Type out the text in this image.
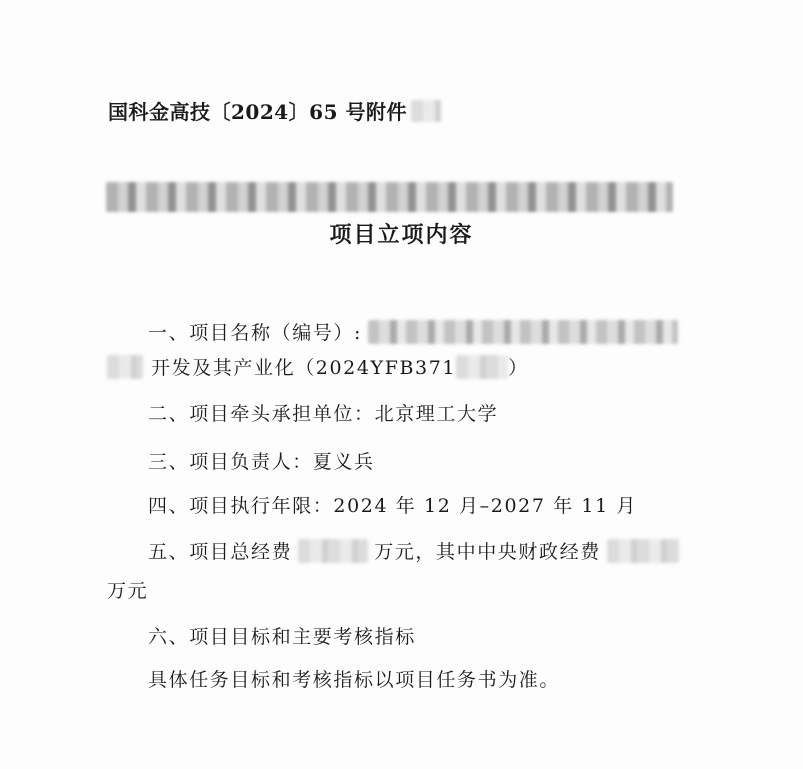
国科金高技〔2024〕65 号附件
项目立项内容
一、项目名称（编号）:
开发及其产业化（2024YFB371	）
二、项目牵头承担单位：北京理工大学
三、项目负责人：夏义兵
四、项目执行年限：2024 年 12 月–2027 年 11 月
五、项目总经费	万元，其中中央财政经费
万元
六、项目目标和主要考核指标
具体任务目标和考核指标以项目任务书为准。
